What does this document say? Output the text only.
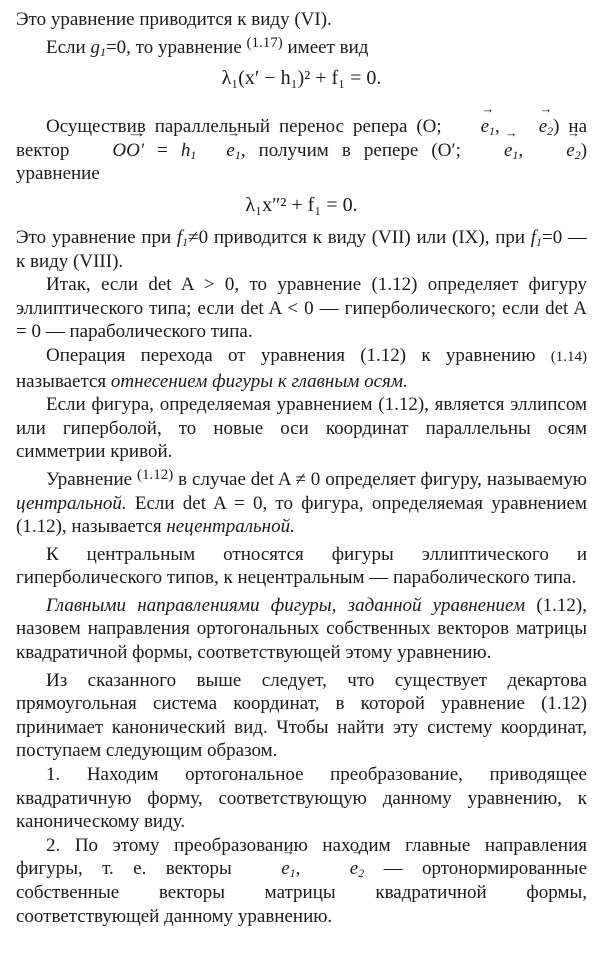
Это уравнение приводится к виду (VI).

Если $g_1=0$, то уравнение $^{(1.17)}$ имеет вид

λ₁(x′ − h₁)² + f₁ = 0.

Осуществив параллельный перенос репера (O; → $e_1$, → $e_2$) на вектор → $OO' = h_1\to e_1$, получим в репере (O′; → $e_1$, → $e_2$) уравнение

λ₁x″² + f₁ = 0.

Это уравнение при $f_1\ne 0$ приводится к виду (VII) или (IX), при $f_1=0$ — к виду (VIII).

Итак, если det A > 0, то уравнение (1.12) определяет фигуру эллиптического типа; если det A < 0 — гиперболического; если det A = 0 — параболического типа.

Операция перехода от уравнения (1.12) к уравнению (1.14) называется отнесением фигуры к главным осям.

Если фигура, определяемая уравнением (1.12), является эллипсом или гиперболой, то новые оси координат параллельны осям симметрии кривой.

Уравнение $^{(1.12)}$ в случае det A ≠ 0 определяет фигуру, называемую центральной. Если det A = 0, то фигура, определяемая уравнением (1.12), называется нецентральной.

К центральным относятся фигуры эллиптического и гиперболического типов, к нецентральным — параболического типа.

Главными направлениями фигуры, заданной уравнением (1.12), назовем направления ортогональных собственных векторов матрицы квадратичной формы, соответствующей этому уравнению.

Из сказанного выше следует, что существует декартова прямоугольная система координат, в которой уравнение (1.12) принимает канонический вид. Чтобы найти эту систему координат, поступаем следующим образом.

1. Находим ортогональное преобразование, приводящее квадратичную форму, соответствующую данному уравнению, к каноническому виду.

2. По этому преобразованию находим главные направления фигуры, т. е. векторы → $e_1$, → $e_2$ — ортонормированные собственные векторы матрицы квадратичной формы, соответствующей данному уравнению.
